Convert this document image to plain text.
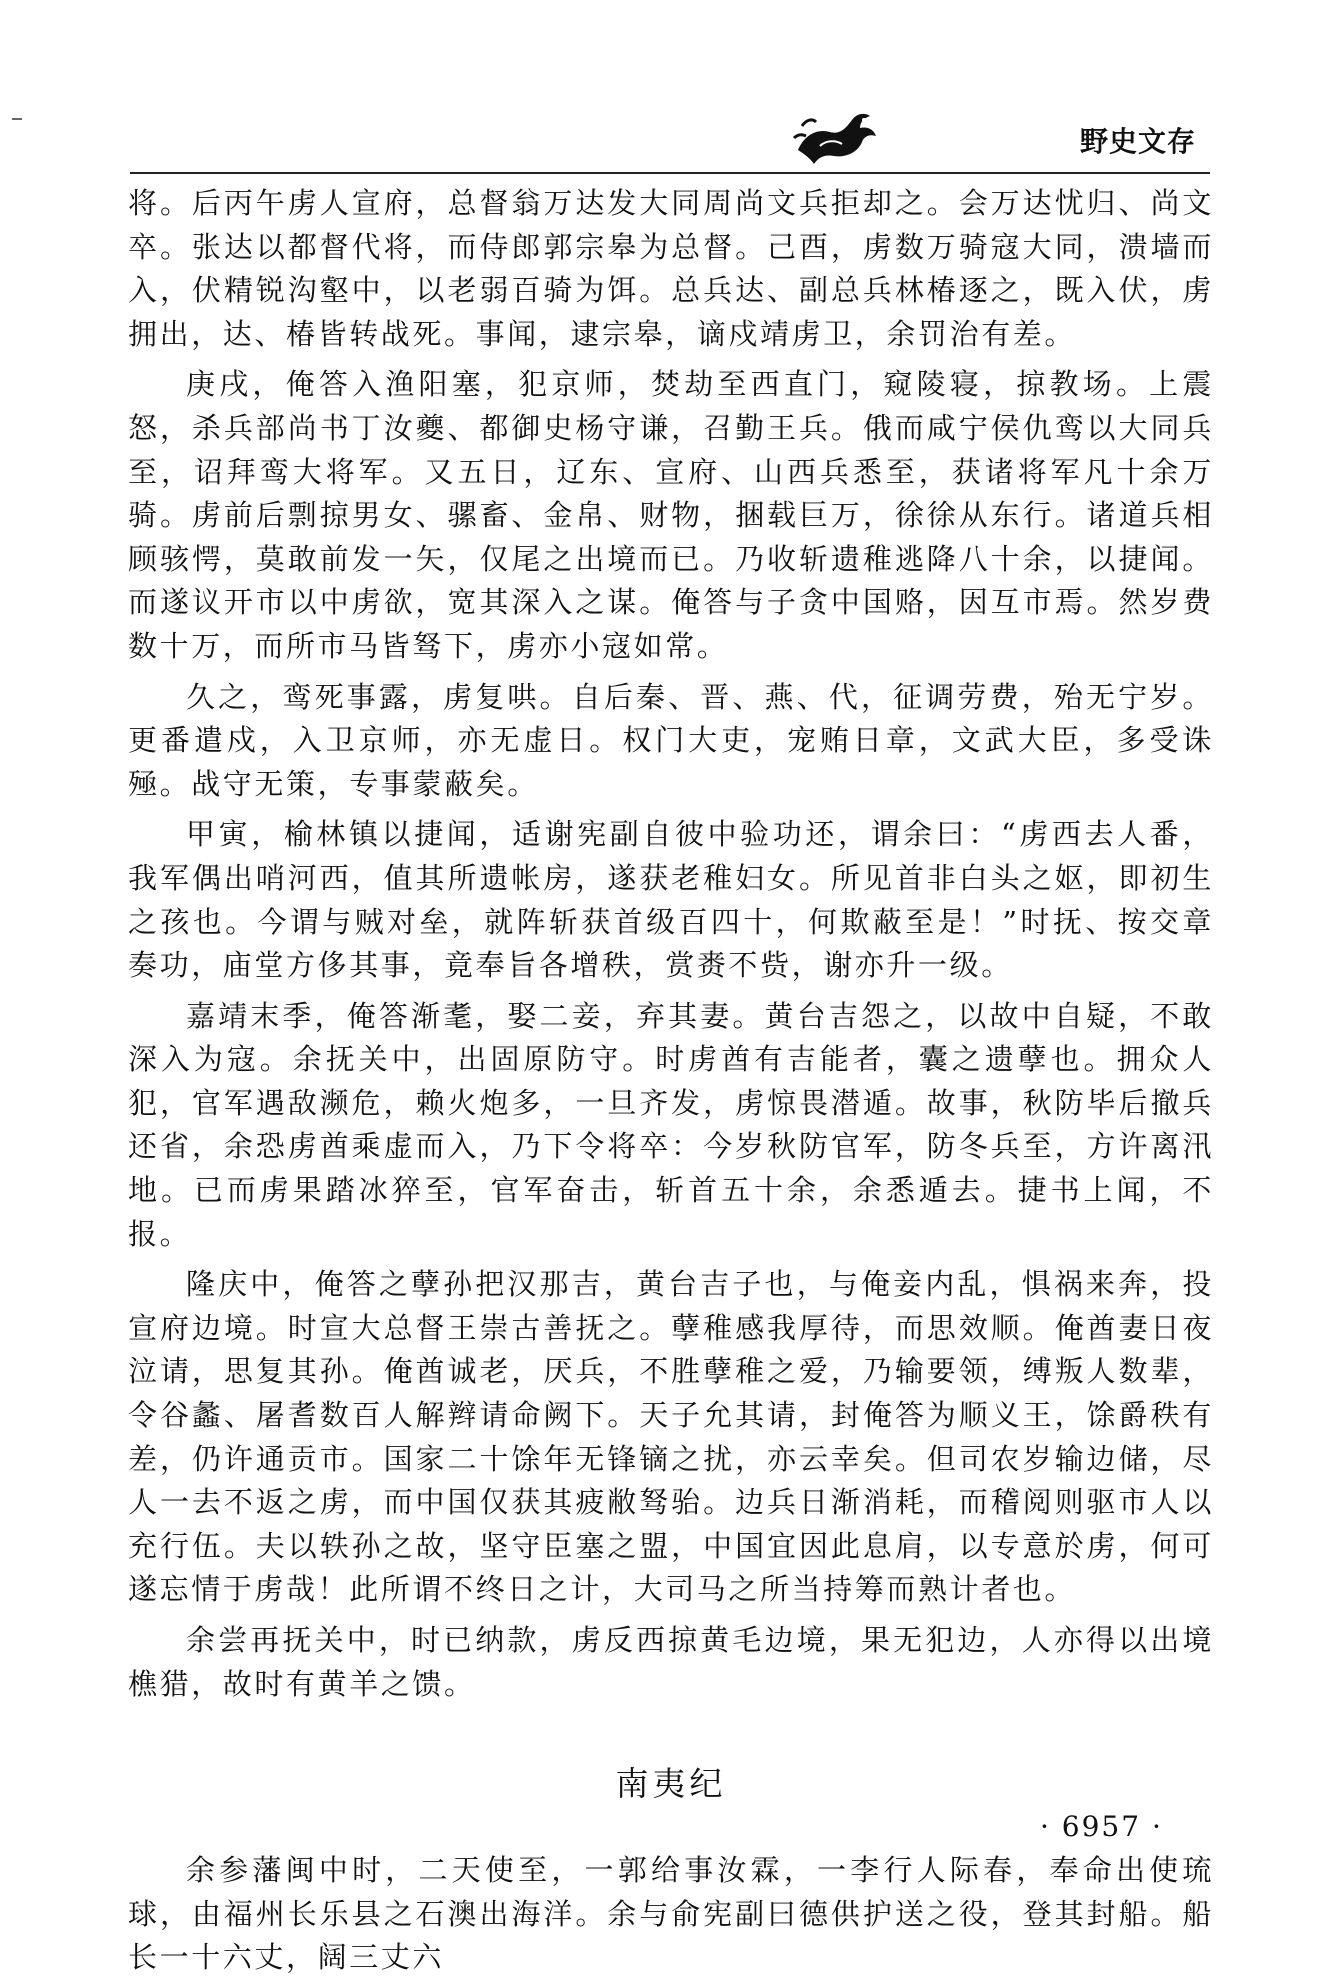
野史文存

将。后丙午虏人宣府，总督翁万达发大同周尚文兵拒却之。会万达忧归、尚文卒。张达以都督代将，而侍郎郭宗皋为总督。己酉，虏数万骑寇大同，溃墙而入，伏精锐沟壑中，以老弱百骑为饵。总兵达、副总兵林椿逐之，既入伏，虏拥出，达、椿皆转战死。事闻，逮宗皋，谪戍靖虏卫，余罚治有差。

庚戌，俺答入渔阳塞，犯京师，焚劫至西直门，窥陵寝，掠教场。上震怒，杀兵部尚书丁汝夔、都御史杨守谦，召勤王兵。俄而咸宁侯仇鸾以大同兵至，诏拜鸾大将军。又五日，辽东、宣府、山西兵悉至，获诸将军凡十余万骑。虏前后剽掠男女、骡畜、金帛、财物，捆载巨万，徐徐从东行。诸道兵相顾骇愕，莫敢前发一矢，仅尾之出境而已。乃收斩遗稚逃降八十余，以捷闻。而遂议开市以中虏欲，宽其深入之谋。俺答与子贪中国赂，因互市焉。然岁费数十万，而所市马皆驽下，虏亦小寇如常。

久之，鸾死事露，虏复哄。自后秦、晋、燕、代，征调劳费，殆无宁岁。更番遣戍，入卫京师，亦无虚日。权门大吏，宠贿日章，文武大臣，多受诛殛。战守无策，专事蒙蔽矣。

甲寅，榆林镇以捷闻，适谢宪副自彼中验功还，谓余曰：“虏西去人番，我军偶出哨河西，值其所遗帐房，遂获老稚妇女。所见首非白头之妪，即初生之孩也。今谓与贼对垒，就阵斩获首级百四十，何欺蔽至是！”时抚、按交章奏功，庙堂方侈其事，竟奉旨各增秩，赏赉不赀，谢亦升一级。

嘉靖末季，俺答渐耄，娶二妾，弃其妻。黄台吉怨之，以故中自疑，不敢深入为寇。余抚关中，出固原防守。时虏酋有吉能者，囊之遗孽也。拥众人犯，官军遇敌濒危，赖火炮多，一旦齐发，虏惊畏潜遁。故事，秋防毕后撤兵还省，余恐虏酋乘虚而入，乃下令将卒：今岁秋防官军，防冬兵至，方许离汛地。已而虏果踏冰猝至，官军奋击，斩首五十余，余悉遁去。捷书上闻，不报。

隆庆中，俺答之孽孙把汉那吉，黄台吉子也，与俺妾内乱，惧祸来奔，投宣府边境。时宣大总督王崇古善抚之。孽稚感我厚待，而思效顺。俺酋妻日夜泣请，思复其孙。俺酋诚老，厌兵，不胜孽稚之爱，乃输要领，缚叛人数辈，令谷蠡、屠耆数百人解辫请命阙下。天子允其请，封俺答为顺义王，馀爵秩有差，仍许通贡市。国家二十馀年无锋镝之扰，亦云幸矣。但司农岁输边储，尽人一去不返之虏，而中国仅获其疲敝驽骀。边兵日渐消耗，而稽阅则驱市人以充行伍。夫以轶孙之故，坚守臣塞之盟，中国宜因此息肩，以专意於虏，何可遂忘情于虏哉！此所谓不终日之计，大司马之所当持筹而熟计者也。

余尝再抚关中，时已纳款，虏反西掠黄毛边境，果无犯边，人亦得以出境樵猎，故时有黄羊之馈。

南夷纪

余参藩闽中时，二天使至，一郭给事汝霖，一李行人际春，奉命出使琉球，由福州长乐县之石澳出海洋。余与俞宪副曰德供护送之役，登其封船。船长一十六丈，阔三丈六

· 6957 ·
